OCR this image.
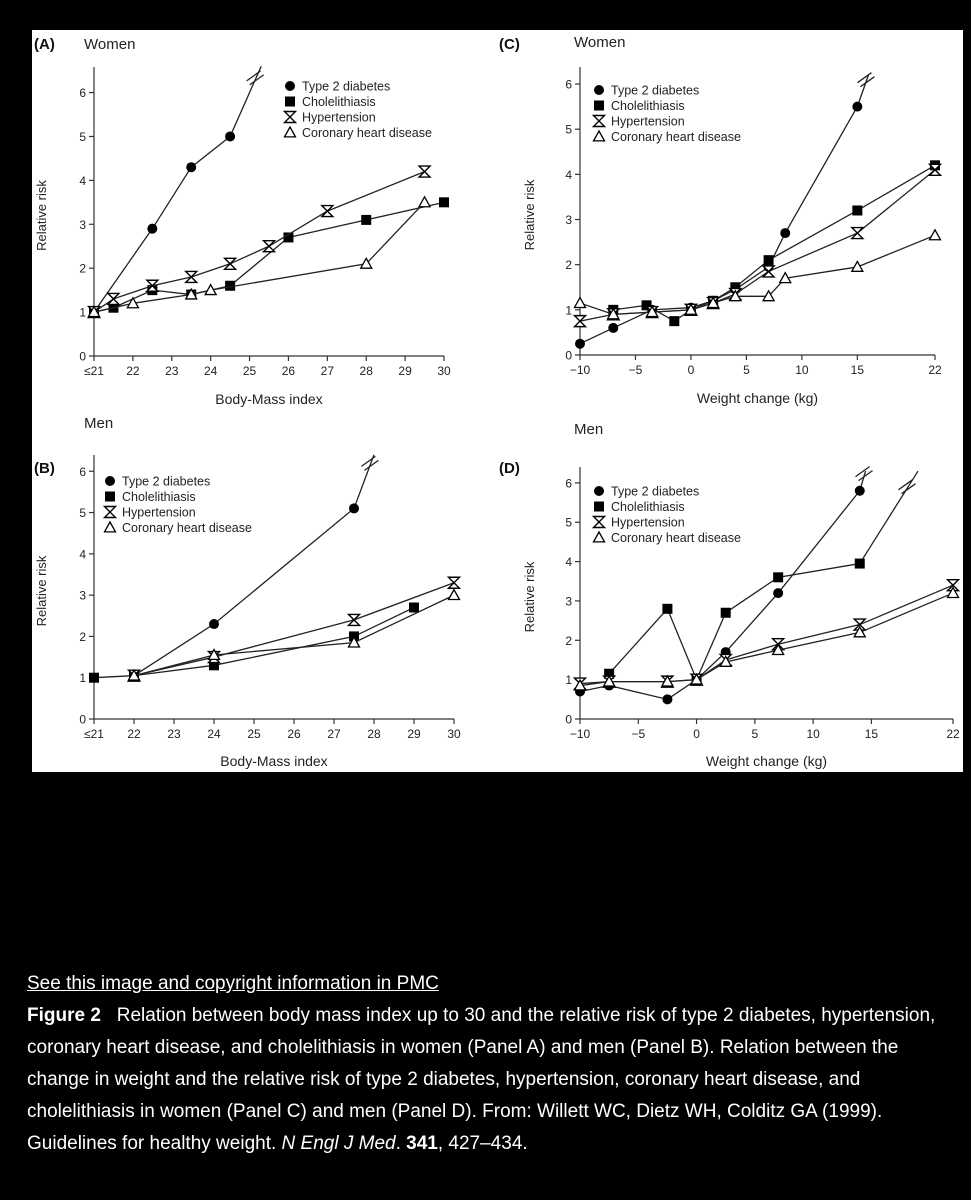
(A) Women
0
1
2
3
4
5
6
≤21 22 23 24 25 26 27 28 29 30
Body-Mass index
Relative risk
Type 2 diabetes
Cholelithiasis
Hypertension
Coronary heart disease
(B)
Men
0
1
2
3
4
5
6
≤21 22 23 24 25 26 27 28 29 30
Body-Mass index
Relative risk
Type 2 diabetes
Cholelithiasis
Hypertension
Coronary heart disease
(C)	Women
0
1
2
3
4
5
6
−10	−5	0	5	10	15	22
Weight change (kg)
Relative risk
Type 2 diabetes
Cholelithiasis
Hypertension
Coronary heart disease
(D)
Men
0
1
2
3
4
5
6
−10	−5	0	5	10	15	22
Weight change (kg)
Relative risk
Type 2 diabetes
Cholelithiasis
Hypertension
Coronary heart disease
See this image and copyright information in PMC

Figure 2 Relation between body mass index up to 30 and the relative risk of type 2 diabetes, hypertension, coronary heart disease, and cholelithiasis in women (Panel A) and men (Panel B). Relation between the change in weight and the relative risk of type 2 diabetes, hypertension, coronary heart disease, and cholelithiasis in women (Panel C) and men (Panel D). From: Willett WC, Dietz WH, Colditz GA (1999). Guidelines for healthy weight. N Engl J Med. 341, 427–434.
